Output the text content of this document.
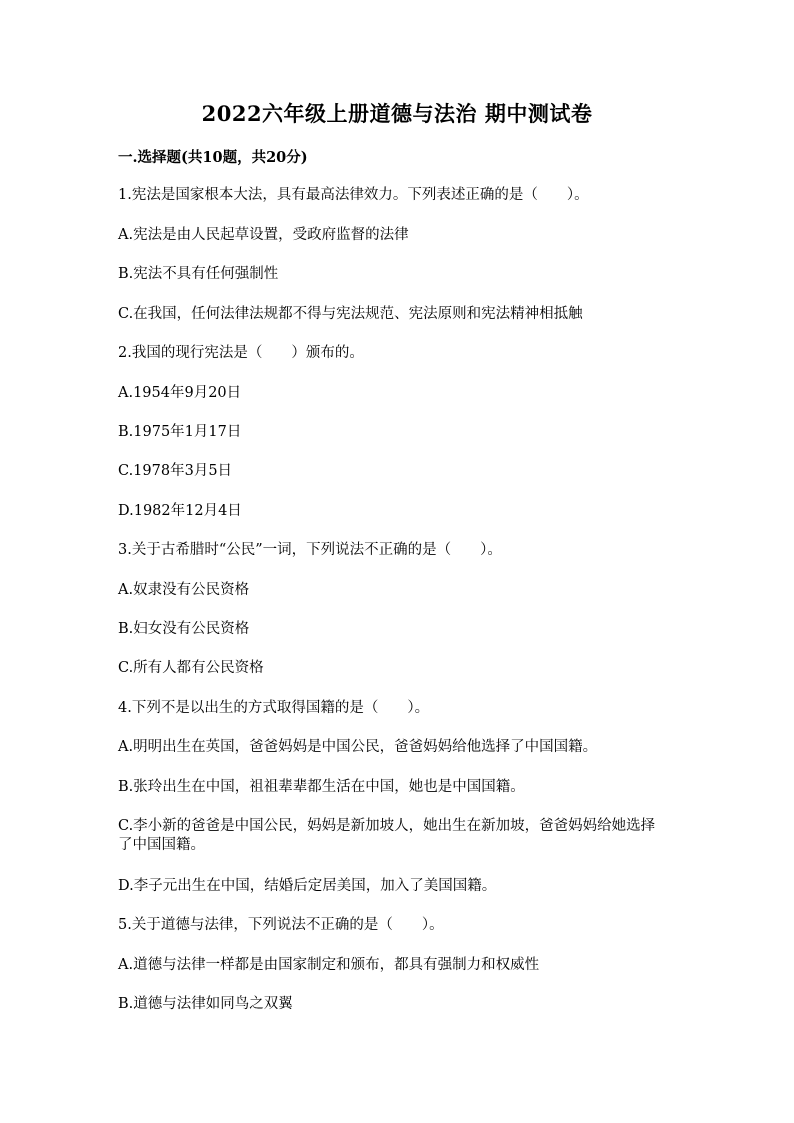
2022六年级上册道德与法治 期中测试卷
一.选择题(共10题，共20分)
1.宪法是国家根本大法，具有最高法律效力。下列表述正确的是（　　）。
A.宪法是由人民起草设置，受政府监督的法律
B.宪法不具有任何强制性
C.在我国，任何法律法规都不得与宪法规范、宪法原则和宪法精神相抵触
2.我国的现行宪法是（　　）颁布的。
A.1954年9月20日
B.1975年1月17日
C.1978年3月5日
D.1982年12月4日
3.关于古希腊时“公民”一词，下列说法不正确的是（　　）。
A.奴隶没有公民资格
B.妇女没有公民资格
C.所有人都有公民资格
4.下列不是以出生的方式取得国籍的是（　　）。
A.明明出生在英国，爸爸妈妈是中国公民，爸爸妈妈给他选择了中国国籍。
B.张玲出生在中国，祖祖辈辈都生活在中国，她也是中国国籍。
C.李小新的爸爸是中国公民，妈妈是新加坡人，她出生在新加坡，爸爸妈妈给她选择了中国国籍。
D.李子元出生在中国，结婚后定居美国，加入了美国国籍。
5.关于道德与法律，下列说法不正确的是（　　）。
A.道德与法律一样都是由国家制定和颁布，都具有强制力和权威性
B.道德与法律如同鸟之双翼
